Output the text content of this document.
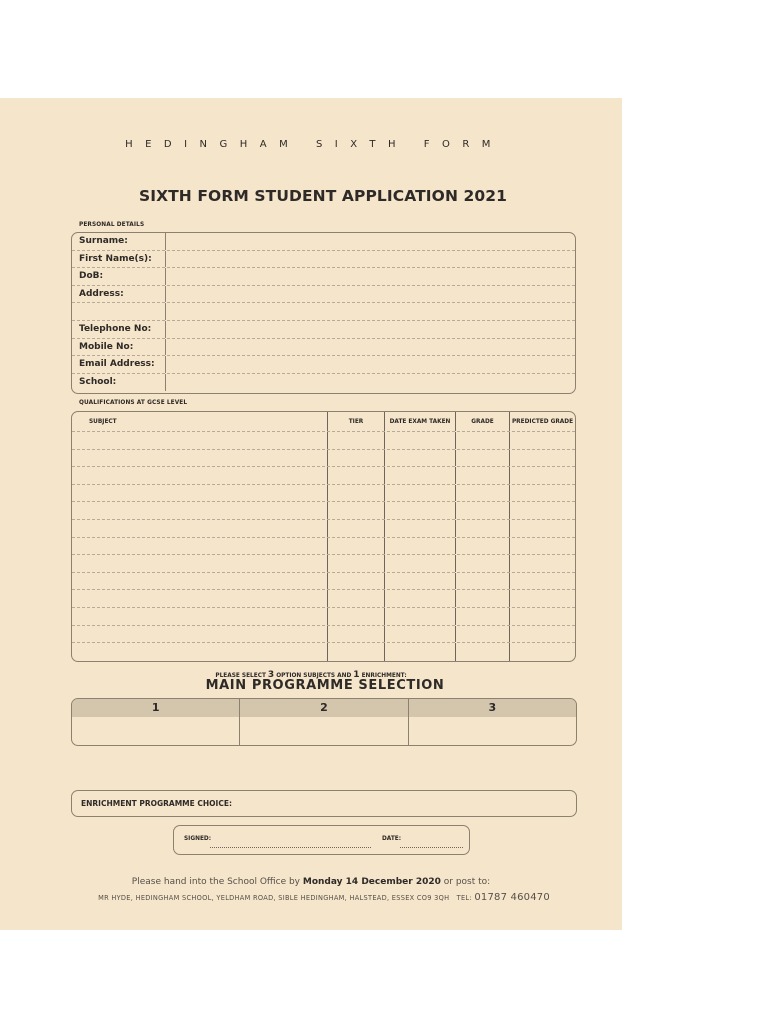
HEDINGHAM SIXTH FORM
SIXTH FORM STUDENT APPLICATION 2021
PERSONAL DETAILS
Surname:
First Name(s):
DoB:
Address:
Telephone No:
Mobile No:
Email Address:
School:
QUALIFICATIONS AT GCSE LEVEL
SUBJECT	TIER	DATE EXAM TAKEN	GRADE	PREDICTED GRADE
PLEASE SELECT 3 OPTION SUBJECTS AND 1 ENRICHMENT:
MAIN PROGRAMME SELECTION
1	2	3
ENRICHMENT PROGRAMME CHOICE:
SIGNED:	DATE:
Please hand into the School Office by Monday 14 December 2020 or post to:
MR HYDE, HEDINGHAM SCHOOL, YELDHAM ROAD, SIBLE HEDINGHAM, HALSTEAD, ESSEX CO9 3QH TEL: 01787 460470
